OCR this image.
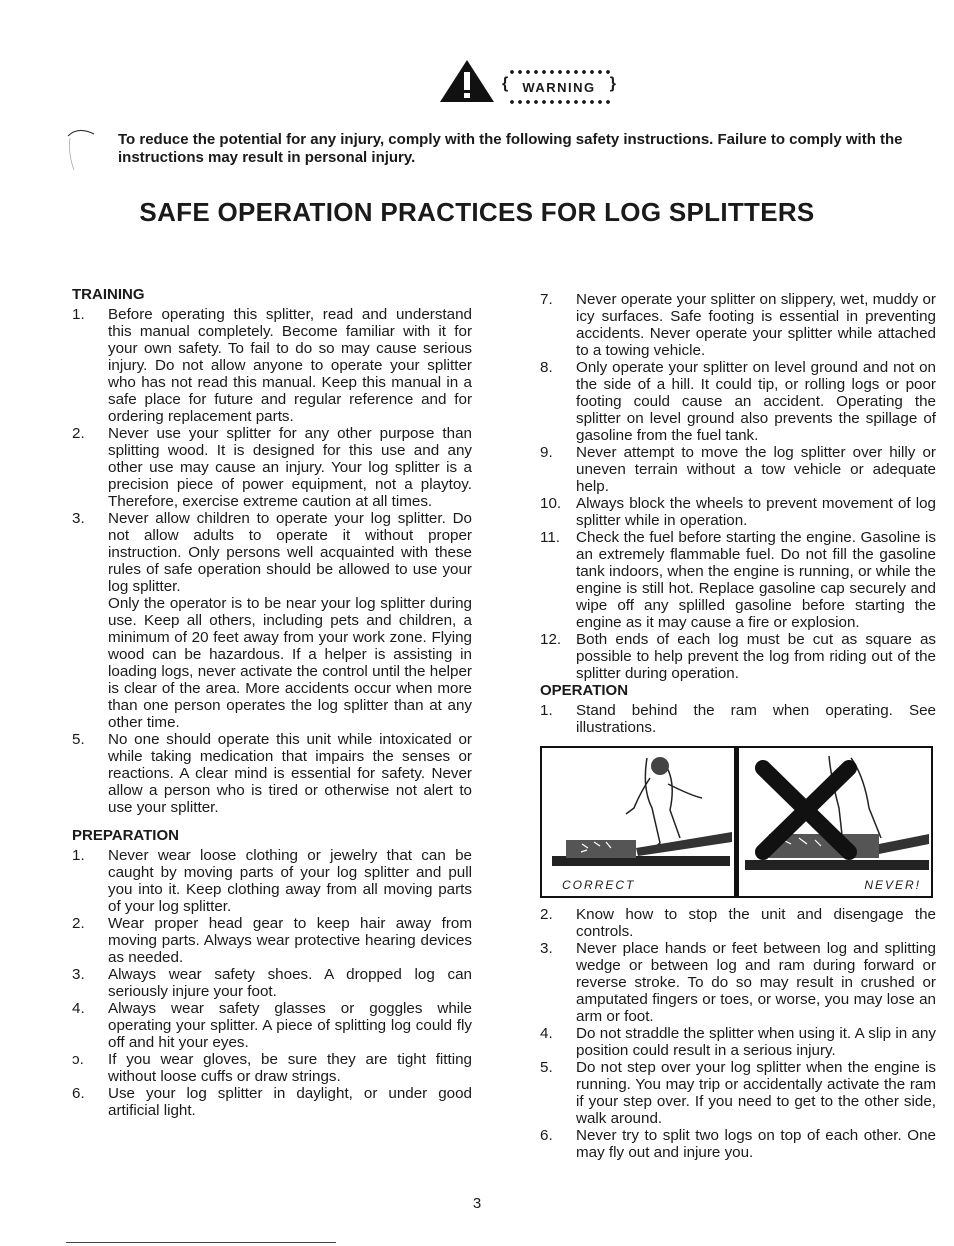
{ WARNING }
To reduce the potential for any injury, comply with the following safety instructions. Failure to comply with the instructions may result in personal injury.
SAFE OPERATION PRACTICES FOR LOG SPLITTERS
TRAINING
1.	Before operating this splitter, read and understand this manual completely. Become familiar with it for your own safety. To fail to do so may cause serious injury. Do not allow anyone to operate your splitter who has not read this manual. Keep this manual in a safe place for future and regular reference and for ordering replacement parts.
2.	Never use your splitter for any other purpose than splitting wood. It is designed for this use and any other use may cause an injury. Your log splitter is a precision piece of power equipment, not a playtoy. Therefore, exercise extreme caution at all times.
3.	Never allow children to operate your log splitter. Do not allow adults to operate it without proper instruction. Only persons well acquainted with these rules of safe operation should be allowed to use your log splitter.
Only the operator is to be near your log splitter during use. Keep all others, including pets and children, a minimum of 20 feet away from your work zone. Flying wood can be hazardous. If a helper is assisting in loading logs, never activate the control until the helper is clear of the area. More accidents occur when more than one person operates the log splitter than at any other time.
5.	No one should operate this unit while intoxicated or while taking medication that impairs the senses or reactions. A clear mind is essential for safety. Never allow a person who is tired or otherwise not alert to use your splitter.
PREPARATION
1.	Never wear loose clothing or jewelry that can be caught by moving parts of your log splitter and pull you into it. Keep clothing away from all moving parts of your log splitter.
2.	Wear proper head gear to keep hair away from moving parts. Always wear protective hearing devices as needed.
3.	Always wear safety shoes. A dropped log can seriously injure your foot.
4.	Always wear safety glasses or goggles while operating your splitter. A piece of splitting log could fly off and hit your eyes.
ɔ.	If you wear gloves, be sure they are tight fitting without loose cuffs or draw strings.
6.	Use your log splitter in daylight, or under good artificial light.
7.	Never operate your splitter on slippery, wet, muddy or icy surfaces. Safe footing is essential in preventing accidents. Never operate your splitter while attached to a towing vehicle.
8.	Only operate your splitter on level ground and not on the side of a hill. It could tip, or rolling logs or poor footing could cause an accident. Operating the splitter on level ground also prevents the spillage of gasoline from the fuel tank.
9.	Never attempt to move the log splitter over hilly or uneven terrain without a tow vehicle or adequate help.
10. Always block the wheels to prevent movement of log splitter while in operation.
11.	Check the fuel before starting the engine. Gasoline is an extremely flammable fuel. Do not fill the gasoline tank indoors, when the engine is running, or while the engine is still hot. Replace gasoline cap securely and wipe off any splilled gasoline before starting the engine as it may cause a fire or explosion.
12. Both ends of each log must be cut as square as possible to help prevent the log from riding out of the splitter during operation.
OPERATION
1.	Stand behind the ram when operating. See illustrations.
CORRECT	NEVER!
2.	Know how to stop the unit and disengage the controls.
3.	Never place hands or feet between log and splitting wedge or between log and ram during forward or reverse stroke. To do so may result in crushed or amputated fingers or toes, or worse, you may lose an arm or foot.
4.	Do not straddle the splitter when using it. A slip in any position could result in a serious injury.
5.	Do not step over your log splitter when the engine is running. You may trip or accidentally activate the ram if your step over. If you need to get to the other side, walk around.
6.	Never try to split two logs on top of each other. One may fly out and injure you.
3
